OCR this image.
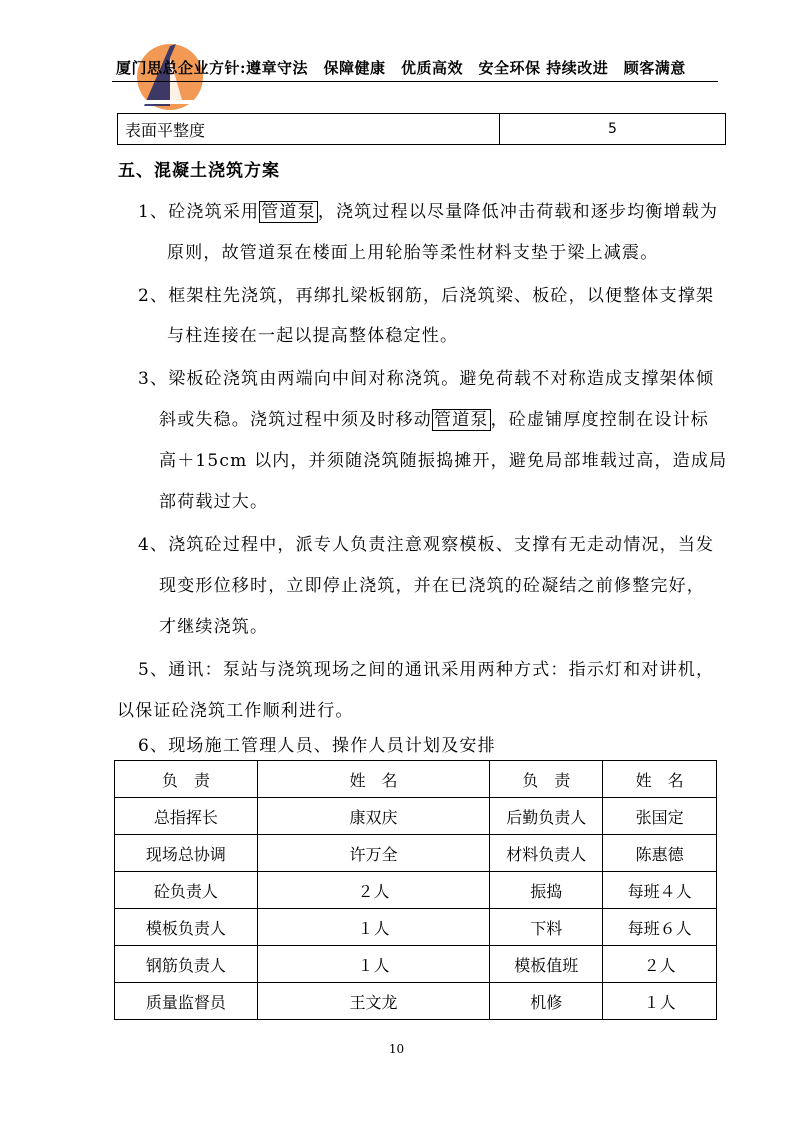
厦门思总企业方针:遵章守法　保障健康　优质高效　安全环保 持续改进　顾客满意
表面平整度	5
五、混凝土浇筑方案
1、砼浇筑采用 管道泵 ，浇筑过程以尽量降低冲击荷载和逐步均衡增载为
原则，故管道泵在楼面上用轮胎等柔性材料支垫于梁上减震。
2、框架柱先浇筑，再绑扎梁板钢筋，后浇筑梁、板砼，以便整体支撑架
与柱连接在一起以提高整体稳定性。
3、梁板砼浇筑由两端向中间对称浇筑。避免荷载不对称造成支撑架体倾
斜或失稳。浇筑过程中须及时移动 管道泵 ，砼虚铺厚度控制在设计标
高＋15cm 以内，并须随浇筑随振捣摊开，避免局部堆载过高，造成局
部荷载过大。
4、浇筑砼过程中，派专人负责注意观察模板、支撑有无走动情况，当发
现变形位移时，立即停止浇筑，并在已浇筑的砼凝结之前修整完好，
才继续浇筑。
5、通讯：泵站与浇筑现场之间的通讯采用两种方式：指示灯和对讲机，
以保证砼浇筑工作顺利进行。
6、现场施工管理人员、操作人员计划及安排
负　责	姓　名	负　责	姓　名
总指挥长	康双庆	后勤负责人	张国定
现场总协调	许万全	材料负责人	陈惠德
砼负责人	２人	振捣	每班４人
模板负责人	１人	下料	每班６人
钢筋负责人	１人	模板值班	２人
质量监督员	王文龙	机修	１人
10
